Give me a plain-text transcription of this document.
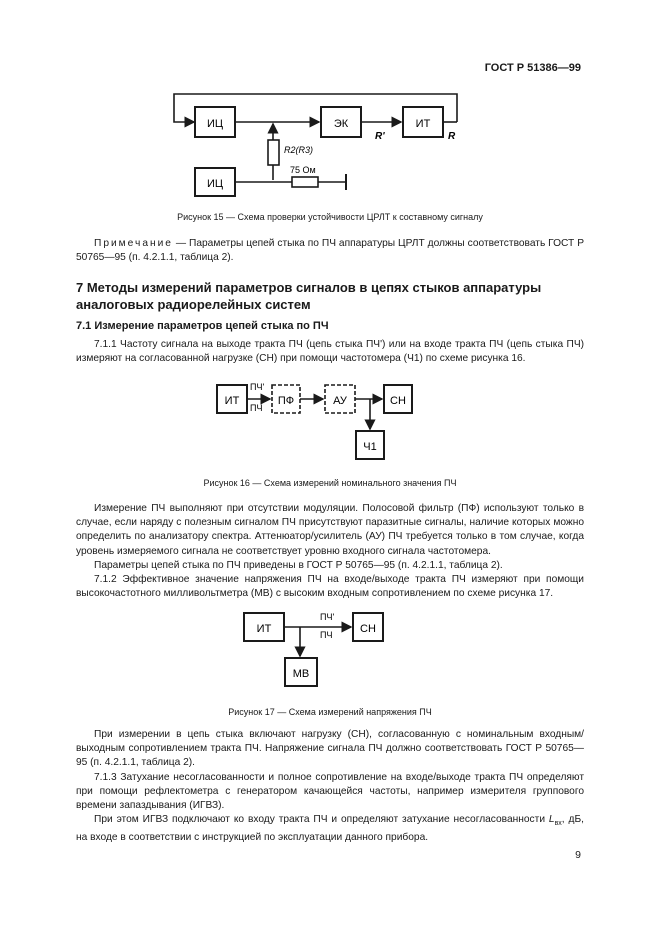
ГОСТ Р 51386—99
ИЦ	ЭК
R'
ИТ
R
R2(R3)
ИЦ
75 Ом
Рисунок 15 — Схема проверки устойчивости ЦРЛТ к составному сигналу
Примечание — Параметры цепей стыка по ПЧ аппаратуры ЦРЛТ должны соответствовать ГОСТ Р 50765—95 (п. 4.2.1.1, таблица 2).
7 Методы измерений параметров сигналов в цепях стыков аппаратуры аналоговых радиорелейных систем
7.1 Измерение параметров цепей стыка по ПЧ
7.1.1 Частоту сигнала на выходе тракта ПЧ (цепь стыка ПЧ') или на входе тракта ПЧ (цепь стыка ПЧ) измеряют на согласованной нагрузке (СН) при помощи частотомера (Ч1) по схеме рисунка 16.
ИТ
ПЧ'
ПЧ
ПФ	АУ	СН
Ч1
Рисунок 16 — Схема измерений номинального значения ПЧ
Измерение ПЧ выполняют при отсутствии модуляции. Полосовой фильтр (ПФ) используют только в случае, если наряду с полезным сигналом ПЧ присутствуют паразитные сигналы, наличие которых можно определить по анализатору спектра. Аттенюатор/усилитель (АУ) ПЧ требуется только в том случае, когда уровень измеряемого сигнала не соответствует уровню входного сигнала частотомера.
Параметры цепей стыка по ПЧ приведены в ГОСТ Р 50765—95 (п. 4.2.1.1, таблица 2).
7.1.2 Эффективное значение напряжения ПЧ на входе/выходе тракта ПЧ измеряют при помощи высокочастотного милливольтметра (МВ) с высоким входным сопротивлением по схеме рисунка 17.
ИТ
ПЧ'
ПЧ	СН
МВ
Рисунок 17 — Схема измерений напряжения ПЧ
При измерении в цепь стыка включают нагрузку (СН), согласованную с номинальным входным/выходным сопротивлением тракта ПЧ. Напряжение сигнала ПЧ должно соответствовать ГОСТ Р 50765—95 (п. 4.2.1.1, таблица 2).
7.1.3 Затухание несогласованности и полное сопротивление на входе/выходе тракта ПЧ определяют при помощи рефлектометра с генератором качающейся частоты, например измерителя группового времени запаздывания (ИГВЗ).
При этом ИГВЗ подключают ко входу тракта ПЧ и определяют затухание несогласованности $L_{вх}$, дБ, на входе в соответствии с инструкцией по эксплуатации данного прибора.
9
